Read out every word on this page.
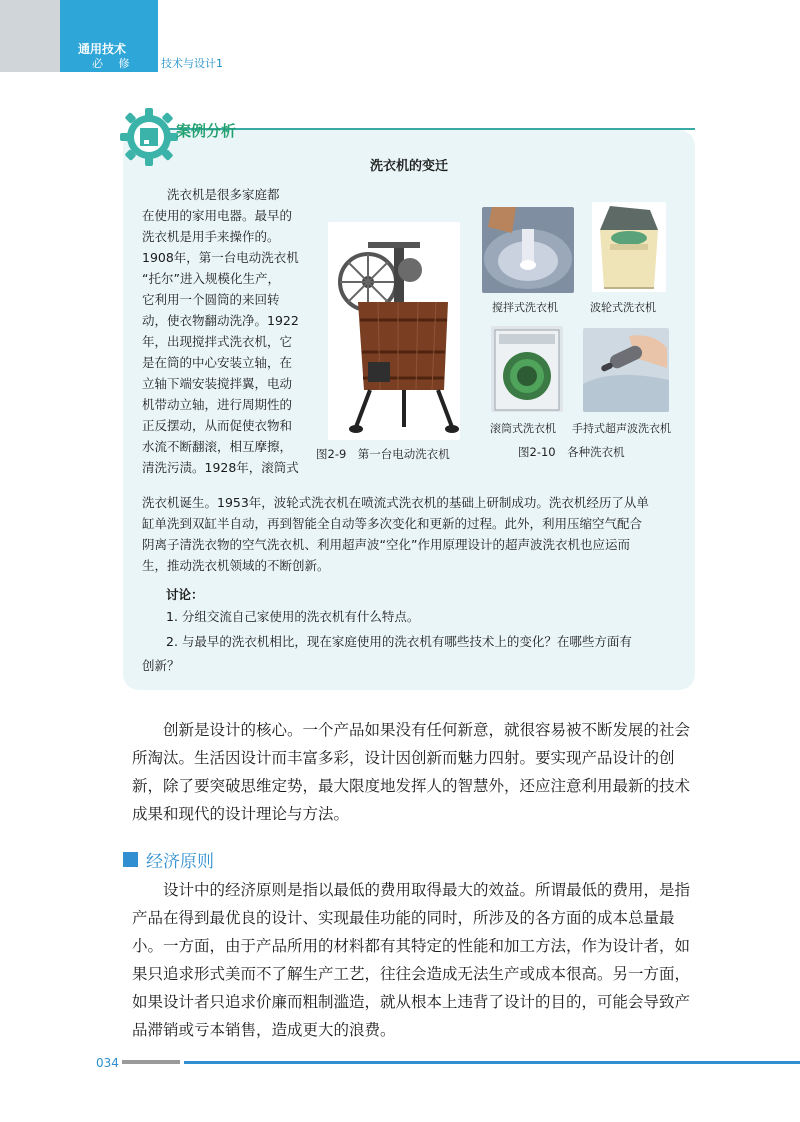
通用技术
必 修 技术与设计1
案例分析
洗衣机的变迁
　　洗衣机是很多家庭都
在使用的家用电器。最早的
洗衣机是用手来操作的。
1908年，第一台电动洗衣机
“托尔”进入规模化生产，
它利用一个圆筒的来回转
动，使衣物翻动洗净。1922
年，出现搅拌式洗衣机，它
是在筒的中心安装立轴，在
立轴下端安装搅拌翼，电动
机带动立轴，进行周期性的
正反摆动，从而促使衣物和
水流不断翻滚，相互摩擦，
清洗污渍。1928年，滚筒式
图2-9　第一台电动洗衣机
搅拌式洗衣机	波轮式洗衣机
滚筒式洗衣机 手持式超声波洗衣机
图2-10　各种洗衣机
洗衣机诞生。1953年，波轮式洗衣机在喷流式洗衣机的基础上研制成功。洗衣机经历了从单
缸单洗到双缸半自动，再到智能全自动等多次变化和更新的过程。此外，利用压缩空气配合
阴离子清洗衣物的空气洗衣机、利用超声波“空化”作用原理设计的超声波洗衣机也应运而
生，推动洗衣机领域的不断创新。
讨论：
1. 分组交流自己家使用的洗衣机有什么特点。
2. 与最早的洗衣机相比，现在家庭使用的洗衣机有哪些技术上的变化？在哪些方面有
创新？
　　创新是设计的核心。一个产品如果没有任何新意，就很容易被不断发展的社会
所淘汰。生活因设计而丰富多彩，设计因创新而魅力四射。要实现产品设计的创
新，除了要突破思维定势，最大限度地发挥人的智慧外，还应注意利用最新的技术
成果和现代的设计理论与方法。
经济原则
　　设计中的经济原则是指以最低的费用取得最大的效益。所谓最低的费用，是指
产品在得到最优良的设计、实现最佳功能的同时，所涉及的各方面的成本总量最
小。一方面，由于产品所用的材料都有其特定的性能和加工方法，作为设计者，如
果只追求形式美而不了解生产工艺，往往会造成无法生产或成本很高。另一方面，
如果设计者只追求价廉而粗制滥造，就从根本上违背了设计的目的，可能会导致产
品滞销或亏本销售，造成更大的浪费。
034
